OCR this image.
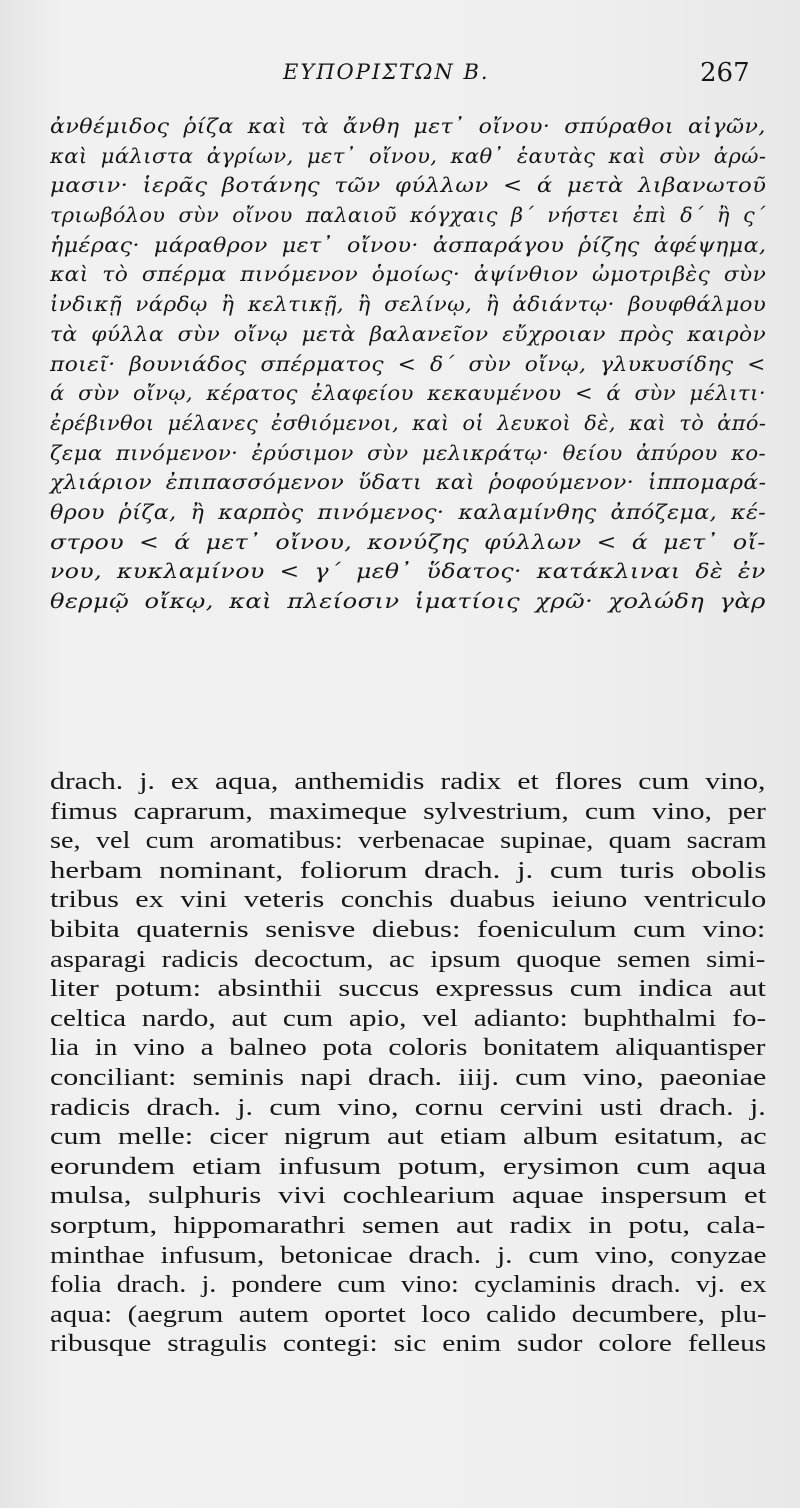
ΕΥΠΟΡΙΣΤΩΝ Β.	267
ἀνθέμιδος ῥίζα καὶ τὰ ἄνθη μετ᾽ οἴνου· σπύραθοι αἰγῶν,
καὶ μάλιστα ἀγρίων, μετ᾽ οἴνου, καθ᾽ ἑαυτὰς καὶ σὺν ἀρώ-
μασιν· ἱερᾶς βοτάνης τῶν φύλλων < ά μετὰ λιβανωτοῦ
τριωβόλου σὺν οἴνου παλαιοῦ κόγχαις β΄ νήστει ἐπὶ δ΄ ἢ ς΄
ἡμέρας· μάραθρον μετ᾽ οἴνου· ἀσπαράγου ῥίζης ἀφέψημα,
καὶ τὸ σπέρμα πινόμενον ὁμοίως· ἀψίνθιον ὠμοτριβὲς σὺν
ἰνδικῇ νάρδῳ ἢ κελτικῇ, ἢ σελίνῳ, ἢ ἀδιάντῳ· βουφθάλμου
τὰ φύλλα σὺν οἴνῳ μετὰ βαλανεῖον εὔχροιαν πρὸς καιρὸν
ποιεῖ· βουνιάδος σπέρματος < δ΄ σὺν οἴνῳ, γλυκυσίδης <
ά σὺν οἴνῳ, κέρατος ἐλαφείου κεκαυμένου < ά σὺν μέλιτι·
ἐρέβινθοι μέλανες ἐσθιόμενοι, καὶ οἱ λευκοὶ δὲ, καὶ τὸ ἀπό-
ζεμα πινόμενον· ἐρύσιμον σὺν μελικράτῳ· θείου ἀπύρου κο-
χλιάριον ἐπιπασσόμενον ὕδατι καὶ ῥοφούμενον· ἱππομαρά-
θρου ῥίζα, ἢ καρπὸς πινόμενος· καλαμίνθης ἀπόζεμα, κέ-
στρου < ά μετ᾽ οἴνου, κονύζης φύλλων < ά μετ᾽ οἴ-
νου, κυκλαμίνου < γ΄ μεθ᾽ ὕδατος· κατάκλιναι δὲ ἐν
θερμῷ οἴκῳ, καὶ πλείοσιν ἱματίοις χρῶ· χολώδη γὰρ
drach. j. ex aqua, anthemidis radix et flores cum vino,
fimus caprarum, maximeque sylvestrium, cum vino, per
se, vel cum aromatibus: verbenacae supinae, quam sacram
herbam nominant, foliorum drach. j. cum turis obolis
tribus ex vini veteris conchis duabus ieiuno ventriculo
bibita quaternis senisve diebus: foeniculum cum vino:
asparagi radicis decoctum, ac ipsum quoque semen simi-
liter potum: absinthii succus expressus cum indica aut
celtica nardo, aut cum apio, vel adianto: buphthalmi fo-
lia in vino a balneo pota coloris bonitatem aliquantisper
conciliant: seminis napi drach. iiij. cum vino, paeoniae
radicis drach. j. cum vino, cornu cervini usti drach. j.
cum melle: cicer nigrum aut etiam album esitatum, ac
eorundem etiam infusum potum, erysimon cum aqua
mulsa, sulphuris vivi cochlearium aquae inspersum et
sorptum, hippomarathri semen aut radix in potu, cala-
minthae infusum, betonicae drach. j. cum vino, conyzae
folia drach. j. pondere cum vino: cyclaminis drach. vj. ex
aqua: (aegrum autem oportet loco calido decumbere, plu-
ribusque stragulis contegi: sic enim sudor colore felleus
